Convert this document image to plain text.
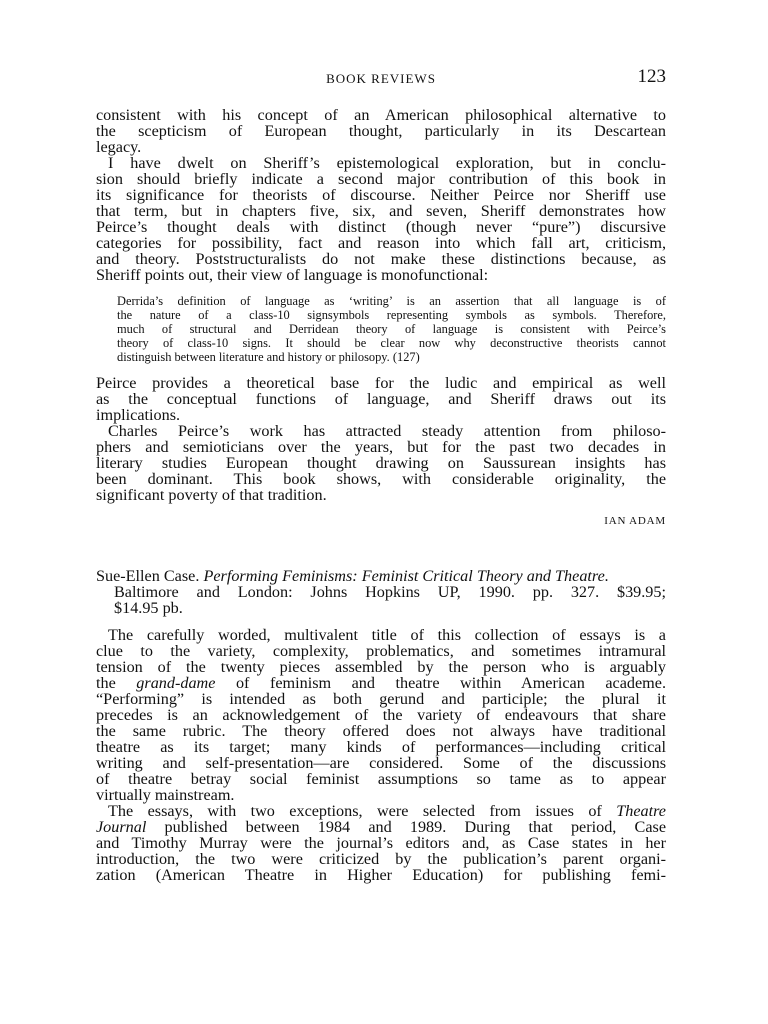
BOOK REVIEWS	123
consistent with his concept of an American philosophical alternative to
the scepticism of European thought, particularly in its Descartean
legacy.
I have dwelt on Sheriff’s epistemological exploration, but in conclu-
sion should briefly indicate a second major contribution of this book in
its significance for theorists of discourse. Neither Peirce nor Sheriff use
that term, but in chapters five, six, and seven, Sheriff demonstrates how
Peirce’s thought deals with distinct (though never “pure”) discursive
categories for possibility, fact and reason into which fall art, criticism,
and theory. Poststructuralists do not make these distinctions because, as
Sheriff points out, their view of language is monofunctional:
Derrida’s definition of language as ‘writing’ is an assertion that all language is of
the nature of a class-10 signsymbols representing symbols as symbols. Therefore,
much of structural and Derridean theory of language is consistent with Peirce’s
theory of class-10 signs. It should be clear now why deconstructive theorists cannot
distinguish between literature and history or philosopy. (127)
Peirce provides a theoretical base for the ludic and empirical as well
as the conceptual functions of language, and Sheriff draws out its
implications.
Charles Peirce’s work has attracted steady attention from philoso-
phers and semioticians over the years, but for the past two decades in
literary studies European thought drawing on Saussurean insights has
been dominant. This book shows, with considerable originality, the
significant poverty of that tradition.
IAN ADAM
Sue-Ellen Case. Performing Feminisms: Feminist Critical Theory and Theatre.
Baltimore and London: Johns Hopkins UP, 1990. pp. 327. $39.95;
$14.95 pb.
The carefully worded, multivalent title of this collection of essays is a
clue to the variety, complexity, problematics, and sometimes intramural
tension of the twenty pieces assembled by the person who is arguably
the grand-dame of feminism and theatre within American academe.
“Performing” is intended as both gerund and participle; the plural it
precedes is an acknowledgement of the variety of endeavours that share
the same rubric. The theory offered does not always have traditional
theatre as its target; many kinds of performances—including critical
writing and self-presentation—are considered. Some of the discussions
of theatre betray social feminist assumptions so tame as to appear
virtually mainstream.
The essays, with two exceptions, were selected from issues of Theatre
Journal published between 1984 and 1989. During that period, Case
and Timothy Murray were the journal’s editors and, as Case states in her
introduction, the two were criticized by the publication’s parent organi-
zation (American Theatre in Higher Education) for publishing femi-
